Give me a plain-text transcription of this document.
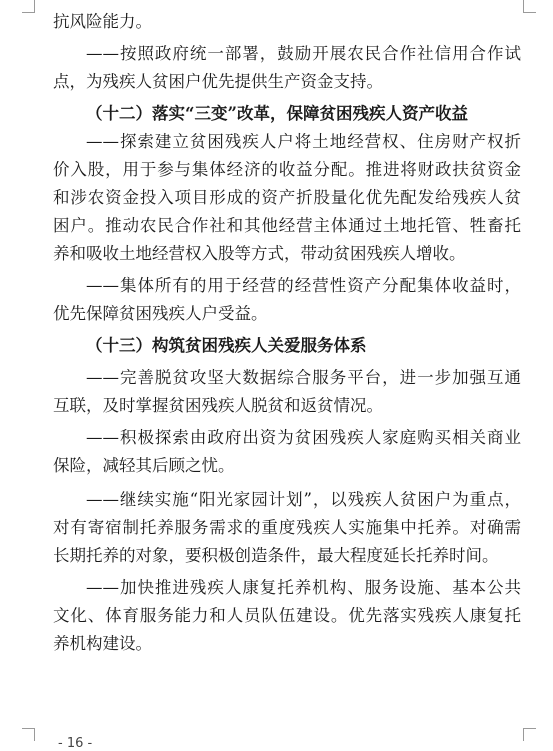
抗风险能力。
——按照政府统一部署，鼓励开展农民合作社信用合作试
点，为残疾人贫困户优先提供生产资金支持。
（十二）落实“三变”改革，保障贫困残疾人资产收益
——探索建立贫困残疾人户将土地经营权、住房财产权折
价入股，用于参与集体经济的收益分配。推进将财政扶贫资金
和涉农资金投入项目形成的资产折股量化优先配发给残疾人贫
困户。推动农民合作社和其他经营主体通过土地托管、牲畜托
养和吸收土地经营权入股等方式，带动贫困残疾人增收。
——集体所有的用于经营的经营性资产分配集体收益时，
优先保障贫困残疾人户受益。
（十三）构筑贫困残疾人关爱服务体系
——完善脱贫攻坚大数据综合服务平台，进一步加强互通
互联，及时掌握贫困残疾人脱贫和返贫情况。
——积极探索由政府出资为贫困残疾人家庭购买相关商业
保险，减轻其后顾之忧。
——继续实施“阳光家园计划”，以残疾人贫困户为重点，
对有寄宿制托养服务需求的重度残疾人实施集中托养。对确需
长期托养的对象，要积极创造条件，最大程度延长托养时间。
——加快推进残疾人康复托养机构、服务设施、基本公共
文化、体育服务能力和人员队伍建设。优先落实残疾人康复托
养机构建设。
- 16 -
